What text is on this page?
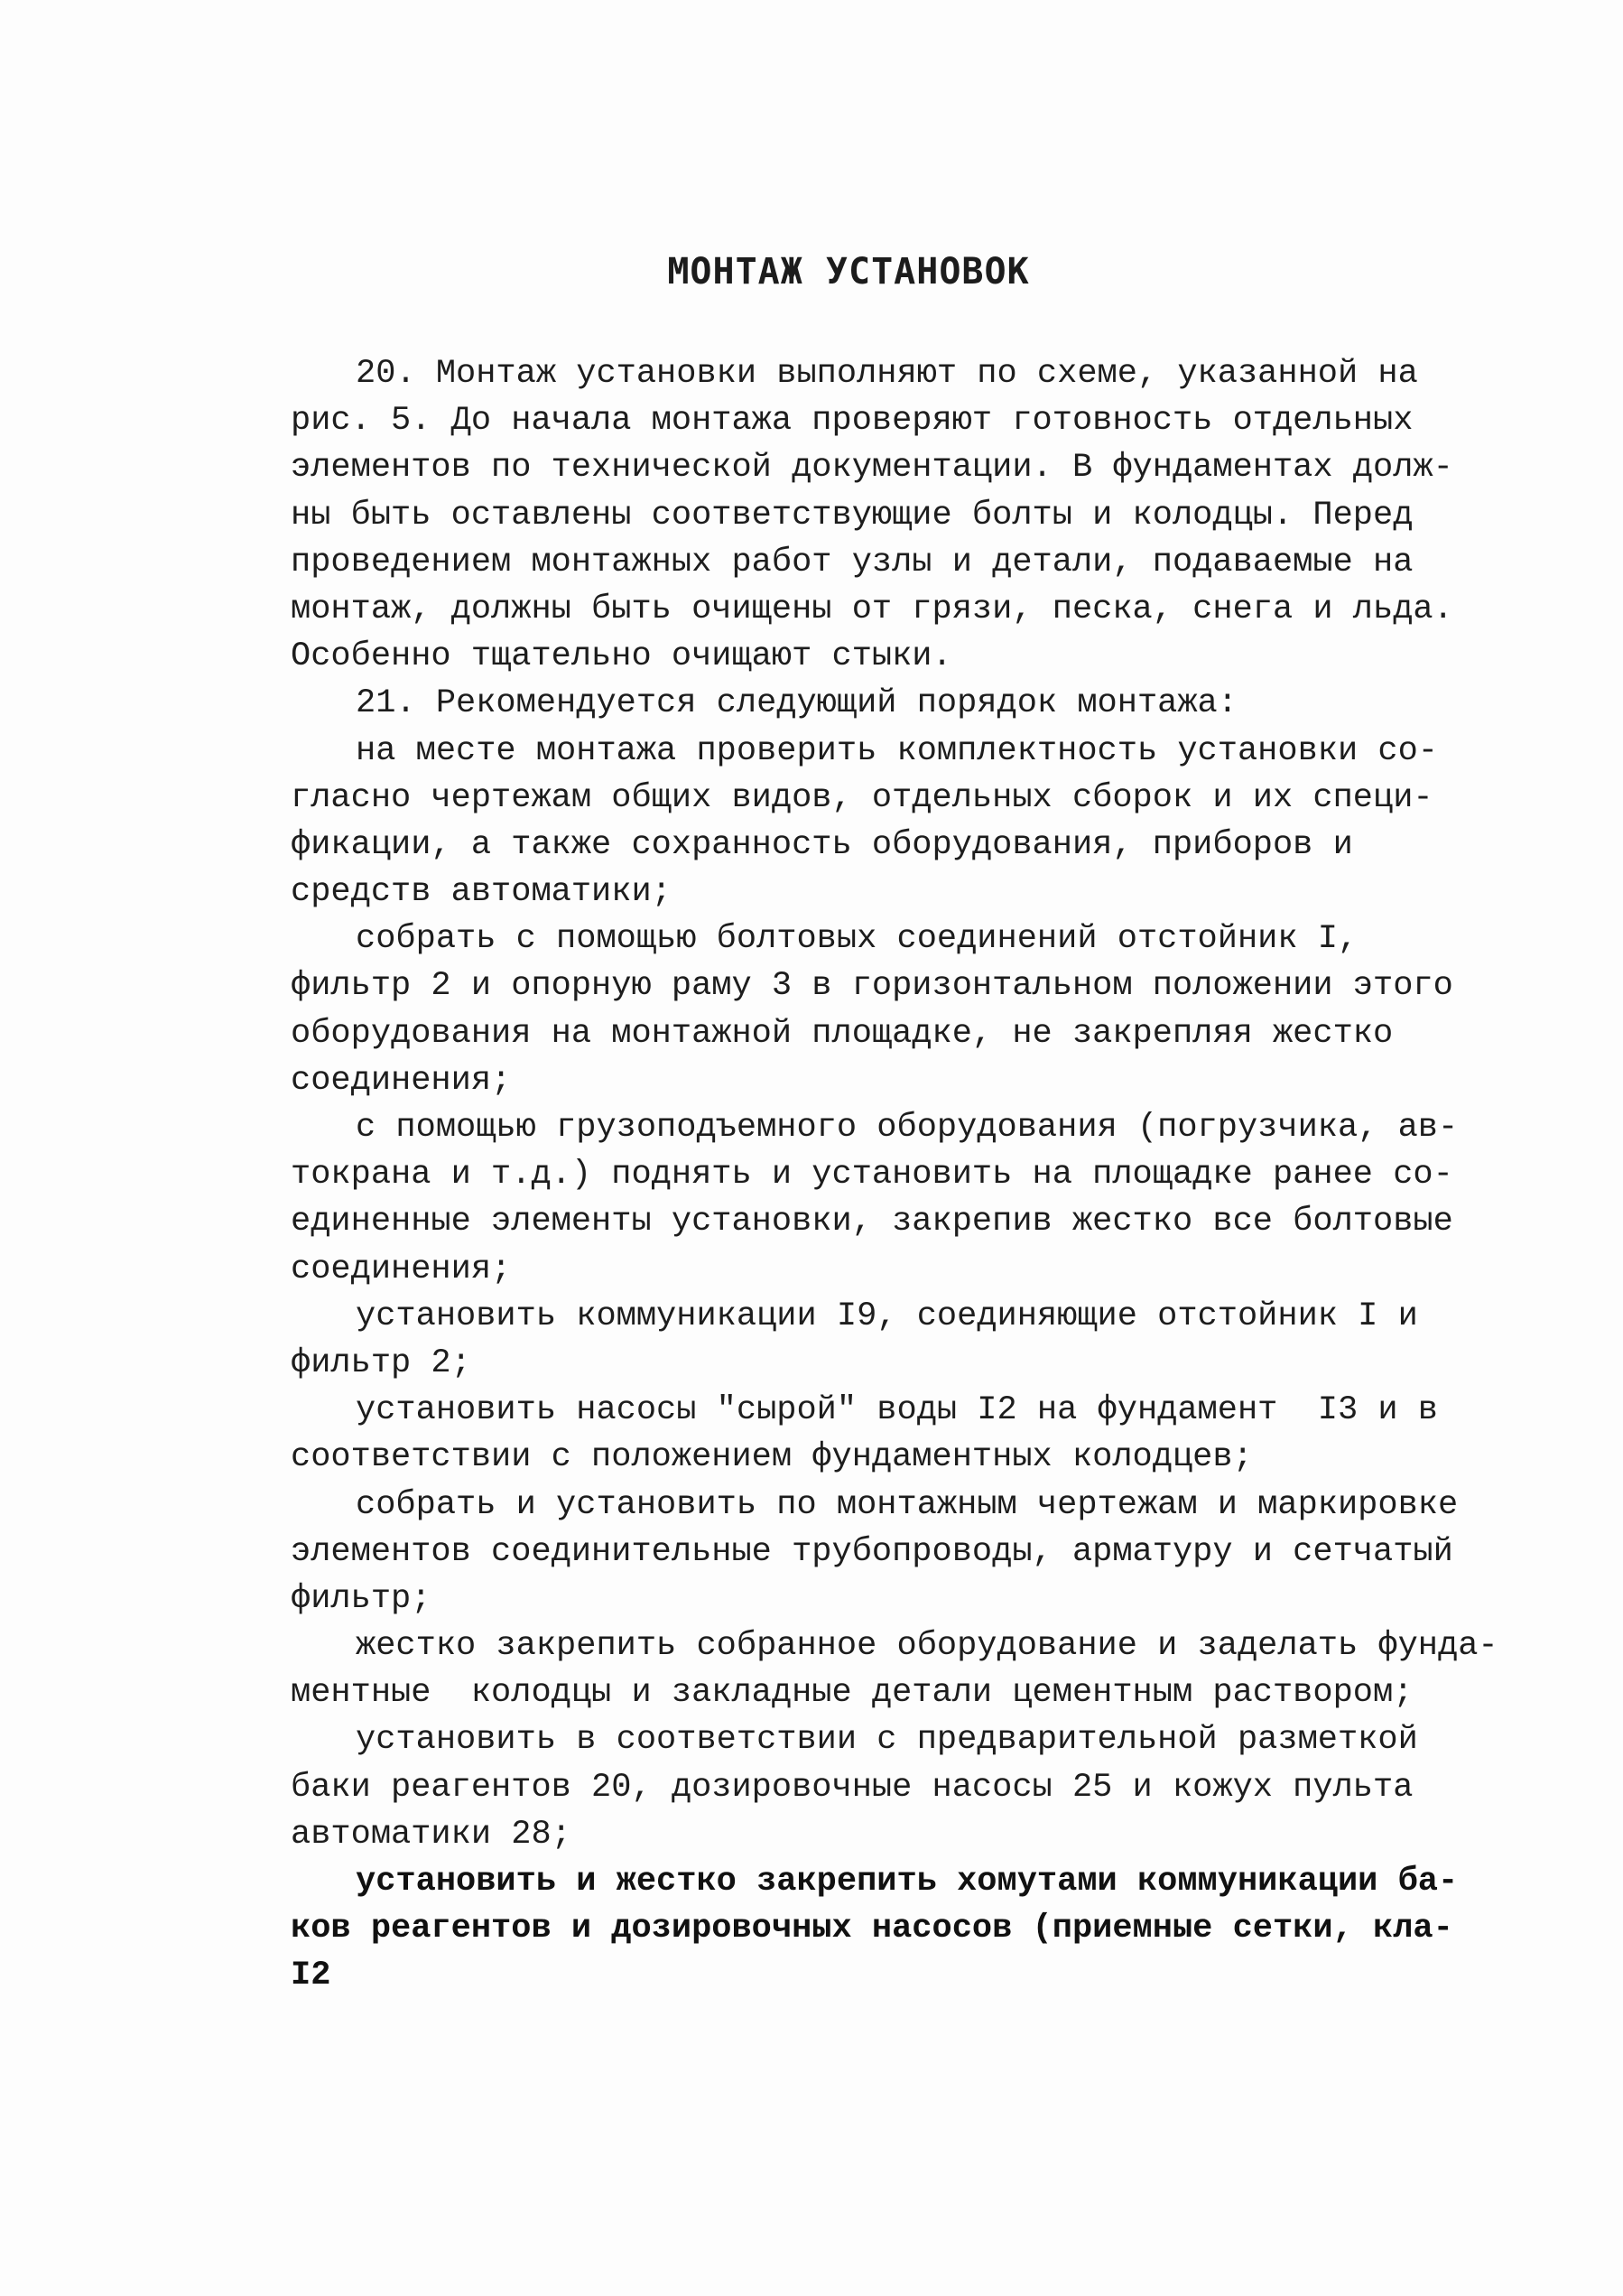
МОНТАЖ УСТАНОВОК
20. Монтаж установки выполняют по схеме, указанной на
рис. 5. До начала монтажа проверяют готовность отдельных
элементов по технической документации. В фундаментах долж-
ны быть оставлены соответствующие болты и колодцы. Перед
проведением монтажных работ узлы и детали, подаваемые на
монтаж, должны быть очищены от грязи, песка, снега и льда.
Особенно тщательно очищают стыки.
21. Рекомендуется следующий порядок монтажа:
на месте монтажа проверить комплектность установки со-
гласно чертежам общих видов, отдельных сборок и их специ-
фикации, а также сохранность оборудования, приборов и
средств автоматики;
собрать с помощью болтовых соединений отстойник I,
фильтр 2 и опорную раму 3 в горизонтальном положении этого
оборудования на монтажной площадке, не закрепляя жестко
соединения;
с помощью грузоподъемного оборудования (погрузчика, ав-
токрана и т.д.) поднять и установить на площадке ранее со-
единенные элементы установки, закрепив жестко все болтовые
соединения;
установить коммуникации I9, соединяющие отстойник I и
фильтр 2;
установить насосы "сырой" воды I2 на фундамент  I3 и в
соответствии с положением фундаментных колодцев;
собрать и установить по монтажным чертежам и маркировке
элементов соединительные трубопроводы, арматуру и сетчатый
фильтр;
жестко закрепить собранное оборудование и заделать фунда-
ментные  колодцы и закладные детали цементным раствором;
установить в соответствии с предварительной разметкой
баки реагентов 20, дозировочные насосы 25 и кожух пульта
автоматики 28;
установить и жестко закрепить хомутами коммуникации ба-
ков реагентов и дозировочных насосов (приемные сетки, кла-
I2
